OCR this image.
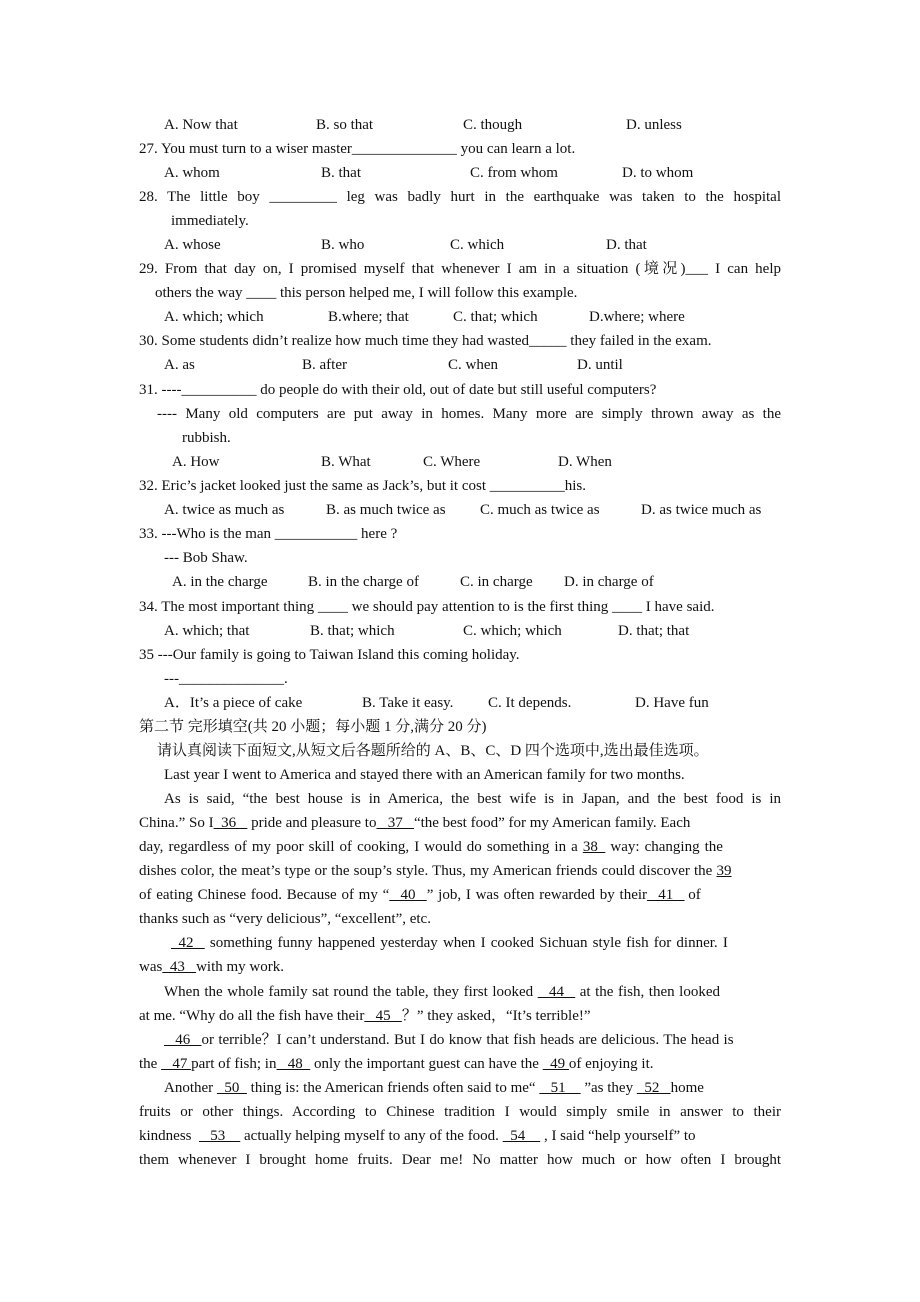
A. Now that	B. so that	C. though	D. unless
27. You must turn to a wiser master______________ you can learn a lot.
A. whom	B. that	C. from whom	D. to whom
28. The little boy _________ leg was badly hurt in the earthquake was taken to the hospital
immediately.
A. whose	B. who	C. which	D. that
29. From that day on, I promised myself that whenever I am in a situation (境况)___ I can help
others the way ____ this person helped me, I will follow this example.
A. which; which	B.where; that	C. that; which	D.where; where
30. Some students didn’t realize how much time they had wasted_____ they failed in the exam.
A. as	B. after	C. when	D. until
31. ----__________ do people do with their old, out of date but still useful computers?
---- Many old computers are put away in homes. Many more are simply thrown away as the
rubbish.
A. How	B. What	C. Where	D. When
32. Eric’s jacket looked just the same as Jack’s, but it cost __________his.
A. twice as much as	B. as much twice as C. much as twice as	D. as twice much as
33. ---Who is the man ___________ here ?
--- Bob Shaw.
A. in the charge	B. in the charge of	C. in charge D. in charge of
34. The most important thing ____ we should pay attention to is the first thing ____ I have said.
A. which; that	B. that; which	C. which; which	D. that; that
35 ---Our family is going to Taiwan Island this coming holiday.
---______________.
A．It’s a piece of cake	B. Take it easy. C. It depends.	D. Have fun
第二节 完形填空(共 20 小题；每小题 1 分,满分 20 分)
请认真阅读下面短文,从短文后各题所给的 A、B、C、D 四个选项中,选出最佳选项。
Last year I went to America and stayed there with an American family for two months.
As is said, “the best house is in America, the best wife is in Japan, and the best food is in
China.” So I  36    pride and pleasure to   37   “the best food” for my American family. Each
day, regardless of my poor skill of cooking, I would do something in a 38   way: changing the
dishes color, the meat’s type or the soup’s style. Thus, my American friends could discover the 39
of eating Chinese food. Because of my “   40   ” job, I was often rewarded by their   41    of
thanks such as “very delicious”, “excellent”, etc.
42    something funny happened yesterday when I cooked Sichuan style fish for dinner. I
was  43   with my work.
When the whole family sat round the table, they first looked    44    at the fish, then looked
at me. “Why do all the fish have their   45   ？” they asked，“It’s terrible!”
46   or terrible？I can’t understand. But I do know that fish heads are delicious. The head is
the    47 part of fish; in   48   only the important guest can have the   49 of enjoying it.
Another   50   thing is: the American friends often said to me“    51     ”as they   52   home
fruits or other things. According to Chinese tradition I would simply smile in answer to their
kindness     53     actually helping myself to any of the food.   54     , I said “help yourself” to
them whenever I brought home fruits. Dear me! No matter how much or how often I brought
